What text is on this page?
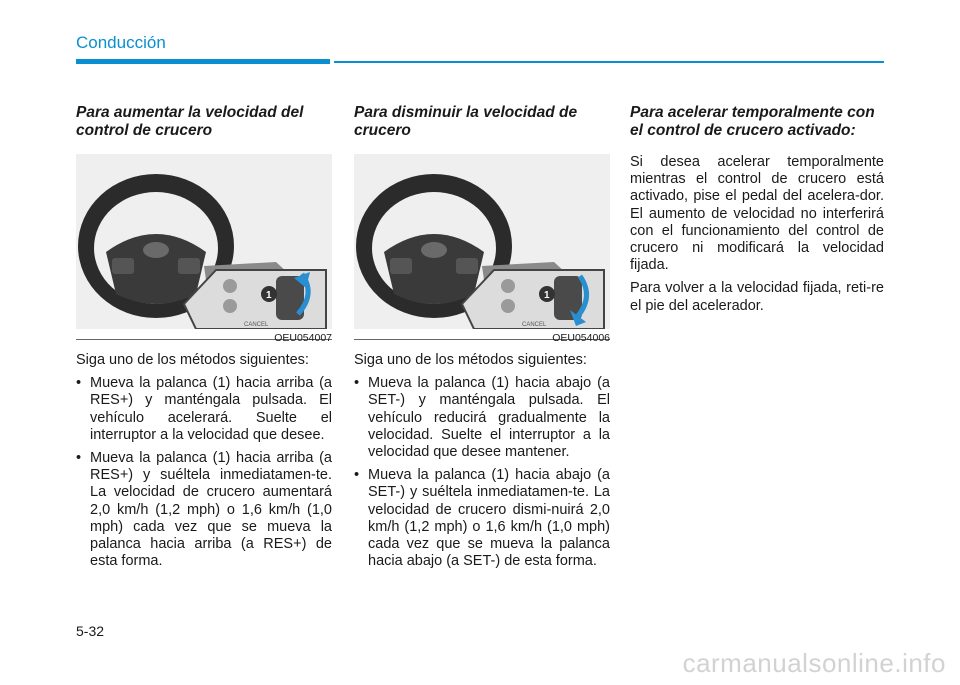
Conducción
Para aumentar la velocidad del control de crucero
CANCEL
1
OEU054007

Siga uno de los métodos siguientes:

• Mueva la palanca (1) hacia arriba (a RES+) y manténgala pulsada. El vehículo acelerará. Suelte el interruptor a la velocidad que desee.
• Mueva la palanca (1) hacia arriba (a RES+) y suéltela inmediatamen-te. La velocidad de crucero aumentará 2,0 km/h (1,2 mph) o 1,6 km/h (1,0 mph) cada vez que se mueva la palanca hacia arriba (a RES+) de esta forma.
Para disminuir la velocidad de crucero
CANCEL
1
OEU054006

Siga uno de los métodos siguientes:

• Mueva la palanca (1) hacia abajo (a SET-) y manténgala pulsada. El vehículo reducirá gradualmente la velocidad. Suelte el interruptor a la velocidad que desee mantener.
• Mueva la palanca (1) hacia abajo (a SET-) y suéltela inmediatamen-te. La velocidad de crucero dismi-nuirá 2,0 km/h (1,2 mph) o 1,6 km/h (1,0 mph) cada vez que se mueva la palanca hacia abajo (a SET-) de esta forma.
Para acelerar temporalmente con el control de crucero activado:

Si desea acelerar temporalmente mientras el control de crucero está activado, pise el pedal del acelera-dor. El aumento de velocidad no interferirá con el funcionamiento del control de crucero ni modificará la velocidad fijada.

Para volver a la velocidad fijada, reti-re el pie del acelerador.

5-32
carmanualsonline.info
